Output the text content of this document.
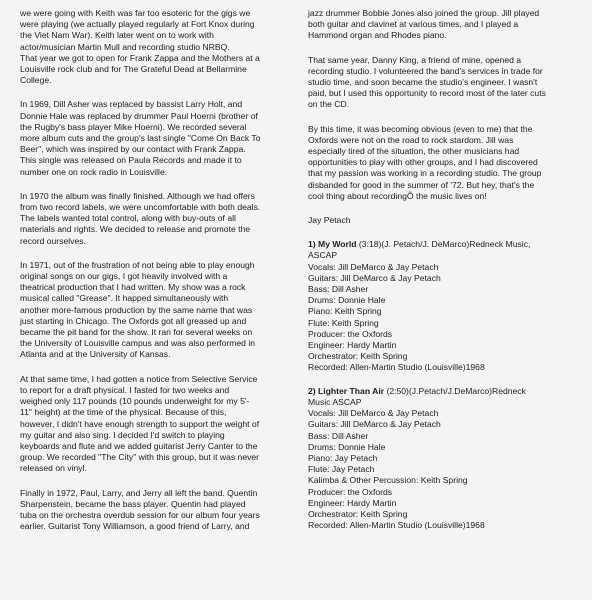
we were going with Keith was far too esoteric for the gigs we
were playing (we actually played regularly at Fort Knox during
the Viet Nam War). Keith later went on to work with
actor/musician Martin Mull and recording studio NRBQ.
That year we got to open for Frank Zappa and the Mothers at a
Louisville rock club and for The Grateful Dead at Bellarmine
College.

In 1969, Dill Asher was replaced by bassist Larry Holt, and
Donnie Hale was replaced by drummer Paul Hoerni (brother of
the Rugby's bass player Mike Hoerni). We recorded several
more album cuts and the group's last single "Come On Back To
Beer", which was inspired by our contact with Frank Zappa.
This single was released on Paula Records and made it to
number one on rock radio in Louisville.

In 1970 the album was finally finished. Although we had offers
from two record labels, we were uncomfortable with both deals.
The labels wanted total control, along with buy-outs of all
materials and rights. We decided to release and promote the
record ourselves.

In 1971, out of the frustration of not being able to play enough
original songs on our gigs, I got heavily involved with a
theatrical production that I had written. My show was a rock
musical called "Grease". It happed simultaneously with
another more-famous production by the same name that was
just starting in Chicago. The Oxfords got all greased up and
became the pit band for the show. It ran for several weeks on
the University of Louisville campus and was also performed in
Atlanta and at the University of Kansas.

At that same time, I had gotten a notice from Selective Service
to report for a draft physical. I fasted for two weeks and
weighed only 117 pounds (10 pounds underweight for my 5'-
11" height) at the time of the physical. Because of this,
however, I didn't have enough strength to support the weight of
my guitar and also sing. I decided I'd switch to playing
keyboards and flute and we added guitarist Jerry Canter to the
group. We recorded "The City" with this group, but it was never
released on vinyl.

Finally in 1972, Paul, Larry, and Jerry all left the band. Quentin
Sharpenstein, became the bass player. Quentin had played
tuba on the orchestra overdub session for our album four years
earlier. Guitarist Tony Williamson, a good friend of Larry, and

jazz drummer Bobbie Jones also joined the group. Jill played
both guitar and clavinet at various times, and I played a
Hammond organ and Rhodes piano.

That same year, Danny King, a friend of mine, opened a
recording studio. I volunteered the band's services in trade for
studio time, and soon became the studio's engineer. I wasn't
paid, but I used this opportunity to record most of the later cuts
on the CD.

By this time, it was becoming obvious (even to me) that the
Oxfords were not on the road to rock stardom. Jill was
especially tired of the situation, the other musicians had
opportunities to play with other groups, and I had discovered
that my passion was working in a recording studio. The group
disbanded for good in the summer of '72. But hey, that's the
cool thing about recordingÕ the music lives on!

Jay Petach

1) My World (3:18)(J. Petach/J. DeMarco)Redneck Music,
ASCAP
Vocals: Jill DeMarco & Jay Petach
Guitars: Jill DeMarco & Jay Petach
Bass: Dill Asher
Drums: Donnie Hale
Piano: Keith Spring
Flute: Keith Spring
Producer: the Oxfords
Engineer: Hardy Martin
Orchestrator: Keith Spring
Recorded: Allen-Martin Studio (Louisville)1968
2) Lighter Than Air (2:50)(J.Petach/J.DeMarco)Redneck
Music ASCAP
Vocals: Jill DeMarco & Jay Petach
Guitars: Jill DeMarco & Jay Petach
Bass: Dill Asher
Drums: Donnie Hale
Piano: Jay Petach
Flute: Jay Petach
Kalimba & Other Percussion: Keith Spring
Producer: the Oxfords
Engineer: Hardy Martin
Orchestrator: Keith Spring
Recorded: Allen-Martin Studio (Louisville)1968
